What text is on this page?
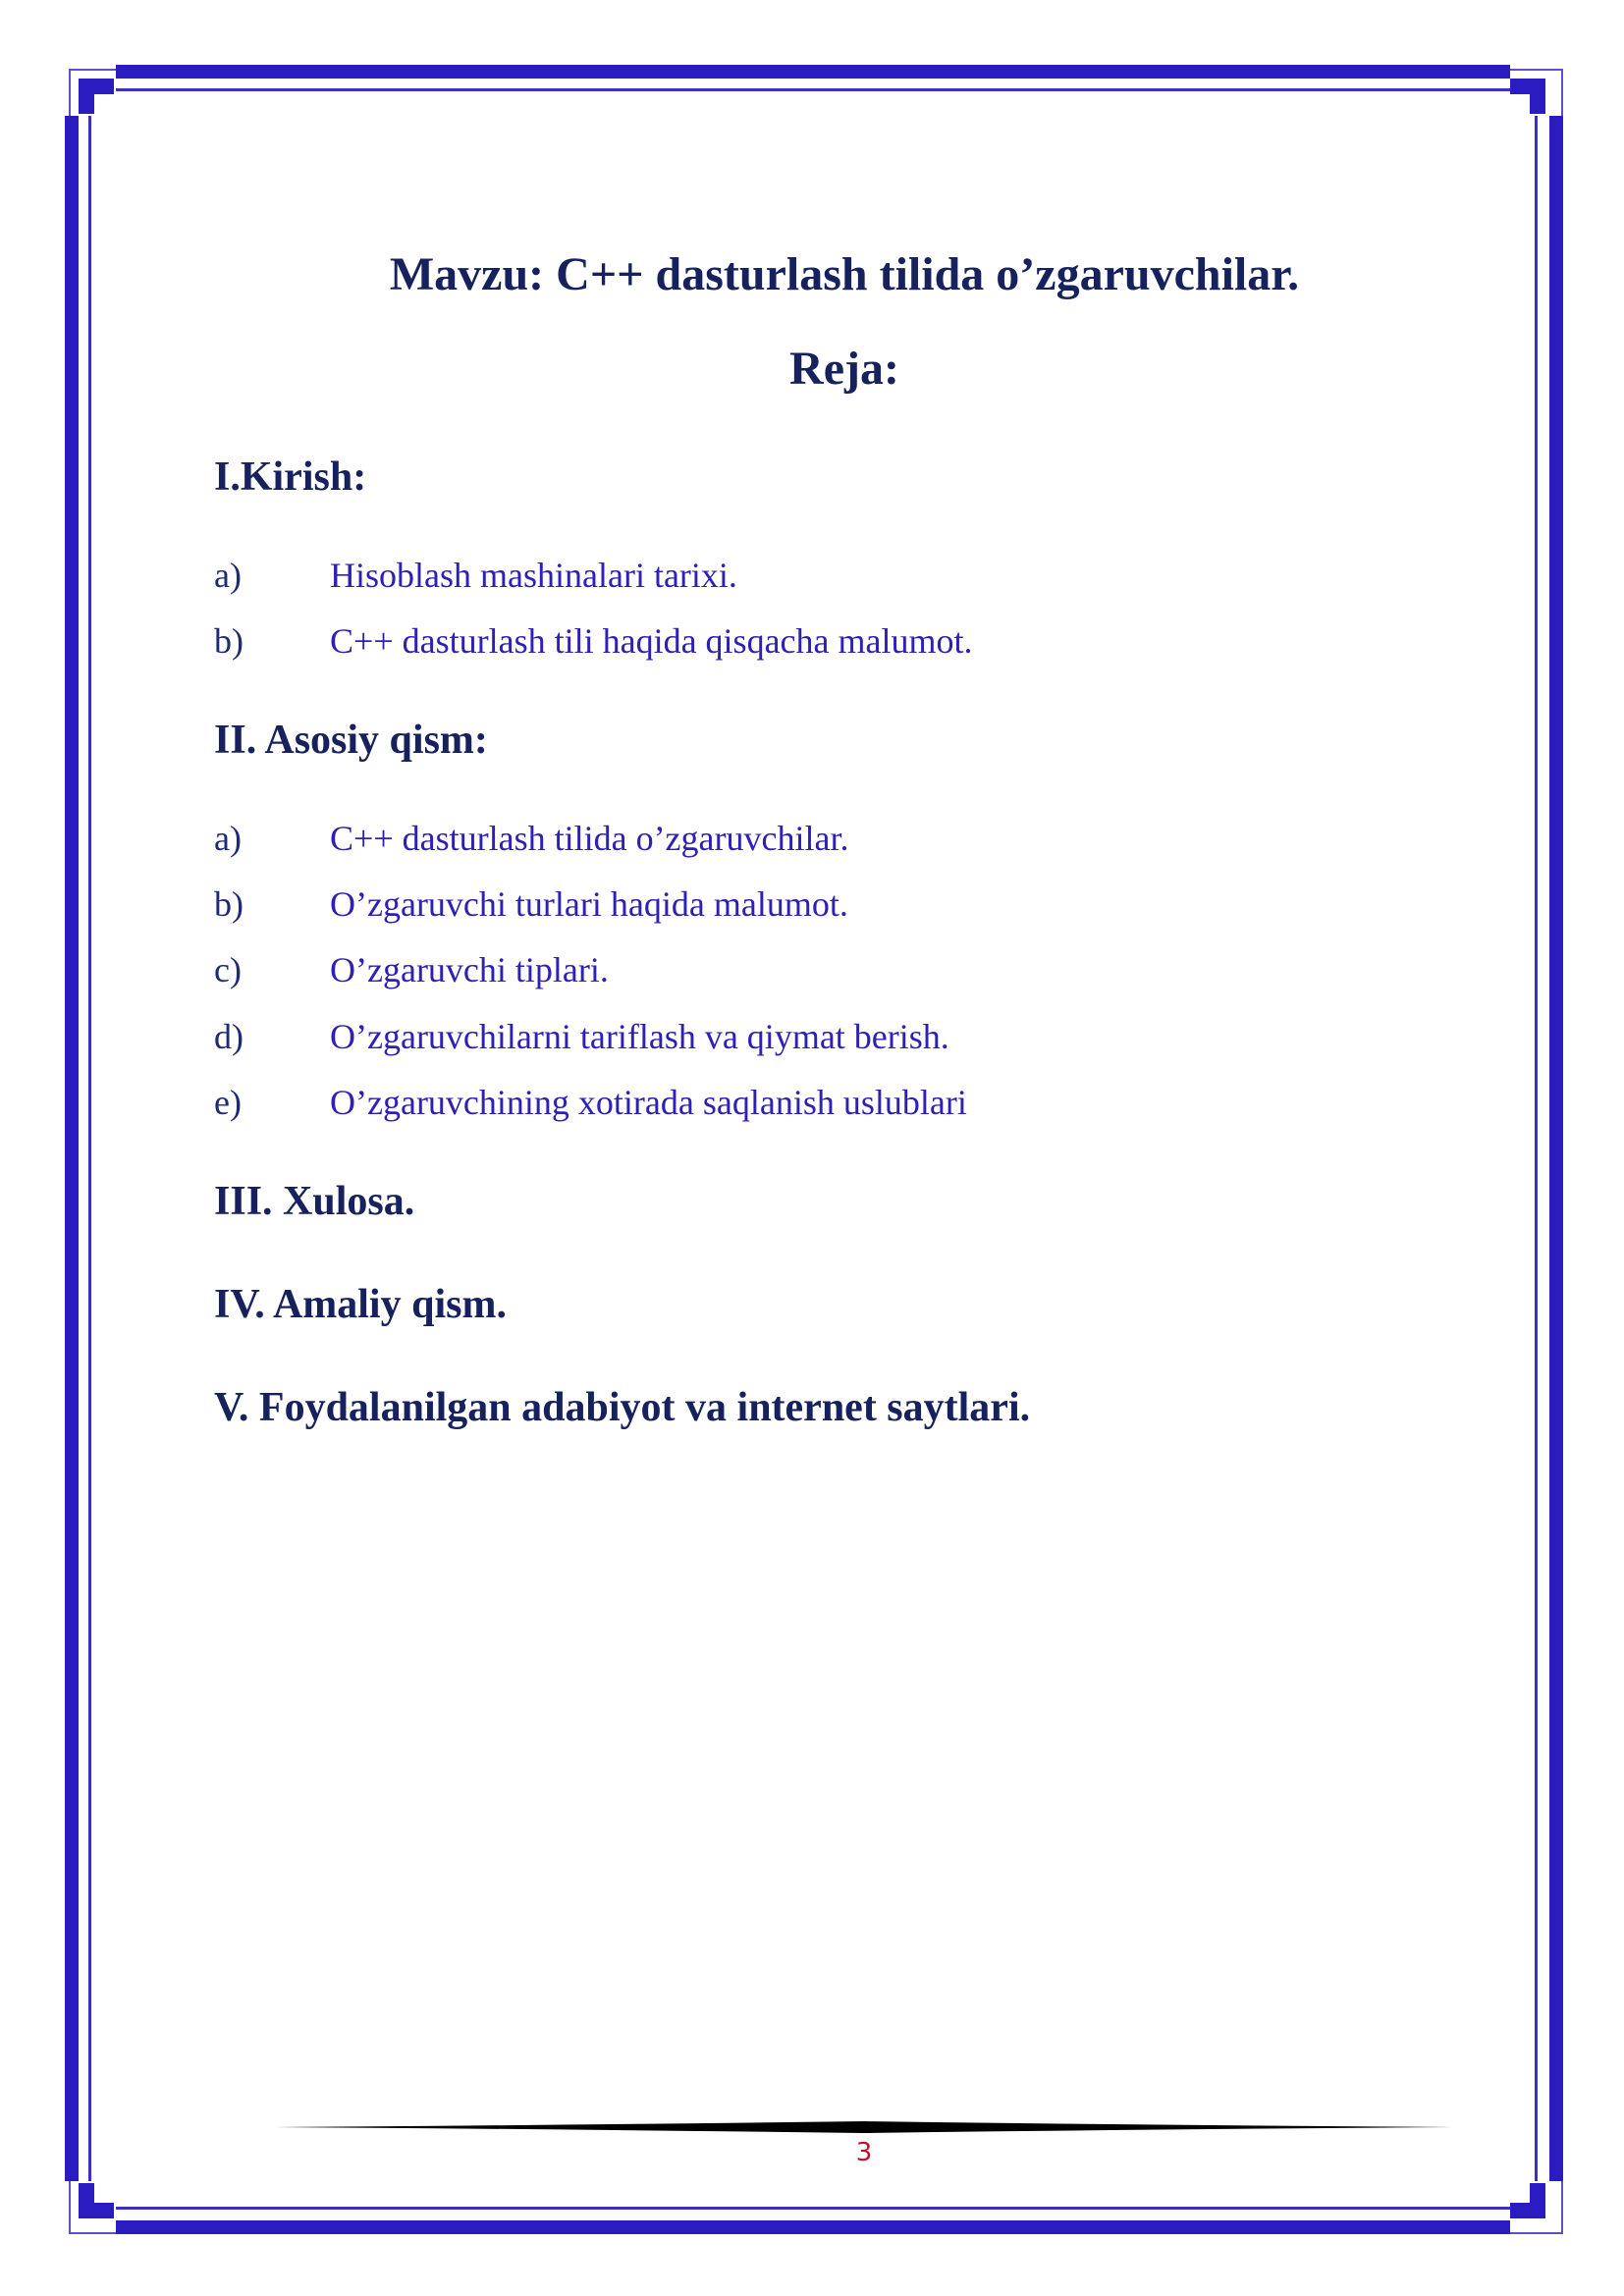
Mavzu: C++ dasturlash tilida o’zgaruvchilar.
Reja:
I.Kirish:
a)	Hisoblash mashinalari tarixi.
b) C++ dasturlash tili haqida qisqacha malumot.
II. Asosiy qism:
a)	C++ dasturlash tilida o’zgaruvchilar.
b) O’zgaruvchi turlari haqida malumot.
c)	O’zgaruvchi tiplari.
d) O’zgaruvchilarni tariflash va qiymat berish.
e)	O’zgaruvchining xotirada saqlanish uslublari
III. Xulosa.
IV. Amaliy qism.
V. Foydalanilgan adabiyot va internet saytlari.
3
